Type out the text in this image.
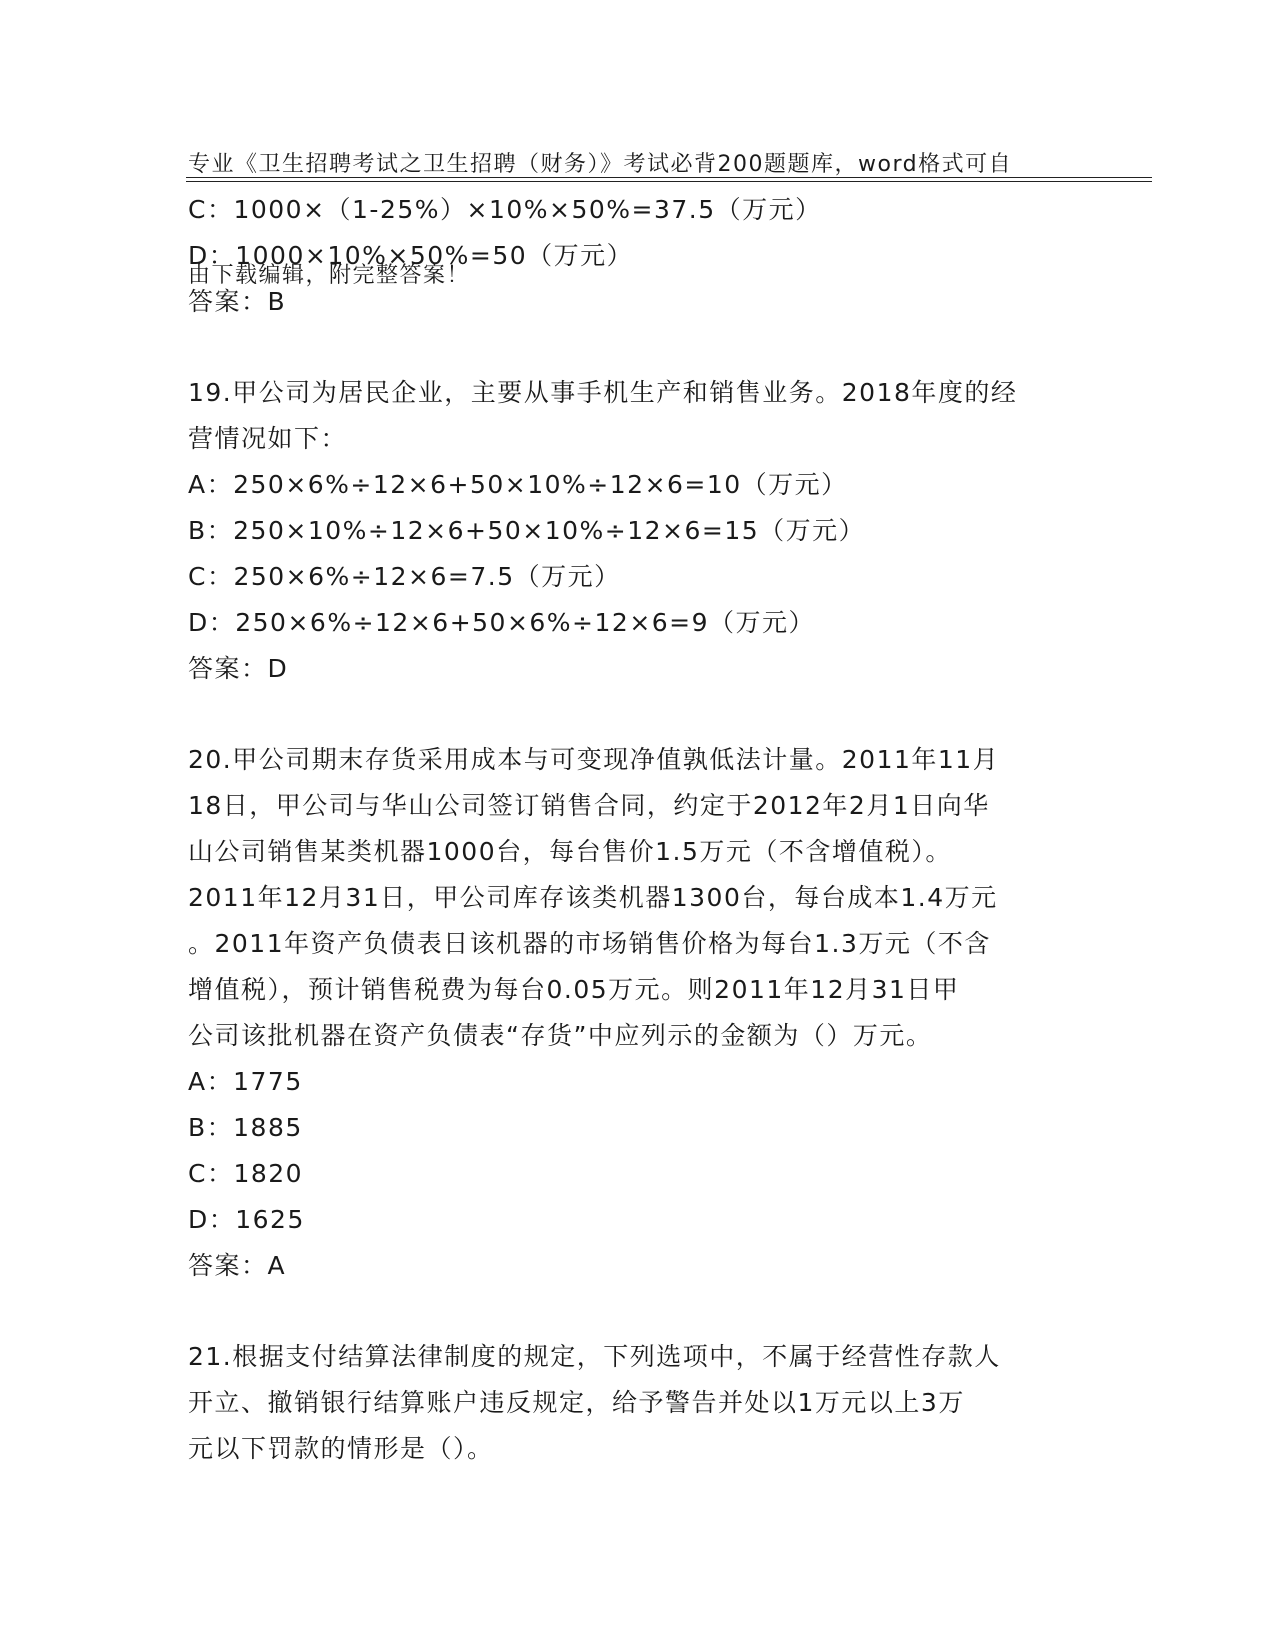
专业《卫生招聘考试之卫生招聘（财务）》考试必背200题题库，word格式可自

由下载编辑，附完整答案！

C：1000×（1-25%）×10%×50%=37.5（万元）
D：1000×10%×50%=50（万元）
答案：B
19.甲公司为居民企业，主要从事手机生产和销售业务。2018年度的经
营情况如下：
A：250×6%÷12×6+50×10%÷12×6=10（万元）
B：250×10%÷12×6+50×10%÷12×6=15（万元）
C：250×6%÷12×6=7.5（万元）
D：250×6%÷12×6+50×6%÷12×6=9（万元）
答案：D
20.甲公司期末存货采用成本与可变现净值孰低法计量。2011年11月
18日，甲公司与华山公司签订销售合同，约定于2012年2月1日向华
山公司销售某类机器1000台，每台售价1.5万元（不含增值税）。
2011年12月31日，甲公司库存该类机器1300台，每台成本1.4万元
。2011年资产负债表日该机器的市场销售价格为每台1.3万元（不含
增值税），预计销售税费为每台0.05万元。则2011年12月31日甲
公司该批机器在资产负债表“存货”中应列示的金额为（）万元。
A：1775
B：1885
C：1820
D：1625
答案：A
21.根据支付结算法律制度的规定，下列选项中，不属于经营性存款人
开立、撤销银行结算账户违反规定，给予警告并处以1万元以上3万
元以下罚款的情形是（）。
